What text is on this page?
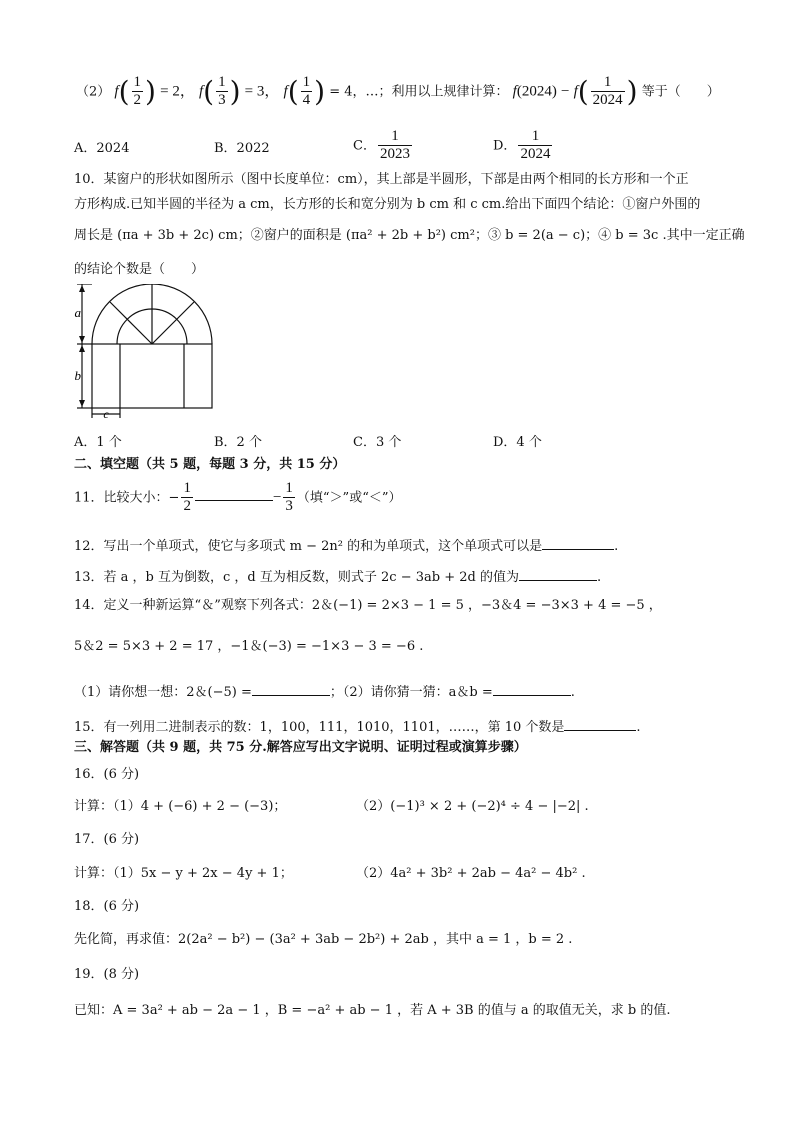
（2） $f( \frac{1}{2}$ ) = 2， $f( \frac{1}{3}$ ) = 3， $f( \frac{1}{4}$ ) = 4，…；利用以上规律计算： $f(2024) - f( \frac{1}{2024}$ ) 等于（　　）
A．2024	B．2022	C． $\frac{1}{2023}$	D． $\frac{1}{2024}$
10．某窗户的形状如图所示（图中长度单位：cm），其上部是半圆形，下部是由两个相同的长方形和一个正
方形构成.已知半圆的半径为 a cm，长方形的长和宽分别为 b cm 和 c cm.给出下面四个结论：①窗户外围的
周长是 (πa + 3b + 2c) cm；②窗户的面积是 (πa² + 2b + b²) cm²；③ b = 2(a − c)；④ b = 3c .其中一定正确
的结论个数是（　　）
a
b
c
A．1 个	B．2 个	C．3 个	D．4 个
二、填空题（共 5 题，每题 3 分，共 15 分）
11．比较大小：− $\frac{1}{2}$	− $\frac{1}{3}$ （填“＞”或“＜”）
12．写出一个单项式，使它与多项式 m − 2n² 的和为单项式，这个单项式可以是	.
13．若 a ，b 互为倒数，c ，d 互为相反数，则式子 2c − 3ab + 2d 的值为	.
14．定义一种新运算“＆”观察下列各式：2＆(−1) = 2×3 − 1 = 5 ，−3＆4 = −3×3 + 4 = −5 ，
5＆2 = 5×3 + 2 = 17 ，−1＆(−3) = −1×3 − 3 = −6 .
（1）请你想一想：2＆(−5) =	；（2）请你猜一猜：a＆b =	.
15．有一列用二进制表示的数：1，100，111，1010，1101，……，第 10 个数是	.
三、解答题（共 9 题，共 75 分.解答应写出文字说明、证明过程或演算步骤）
16．(6 分)
计算：（1）4 + (−6) + 2 − (−3)；	（2）(−1)³ × 2 + (−2)⁴ ÷ 4 − |−2| .
17．(6 分)
计算：（1）5x − y + 2x − 4y + 1；	（2）4a² + 3b² + 2ab − 4a² − 4b² .
18．(6 分)
先化简，再求值：2(2a² − b²) − (3a² + 3ab − 2b²) + 2ab ，其中 a = 1 ，b = 2 .
19．(8 分)
已知：A = 3a² + ab − 2a − 1 ，B = −a² + ab − 1 ，若 A + 3B 的值与 a 的取值无关，求 b 的值.
